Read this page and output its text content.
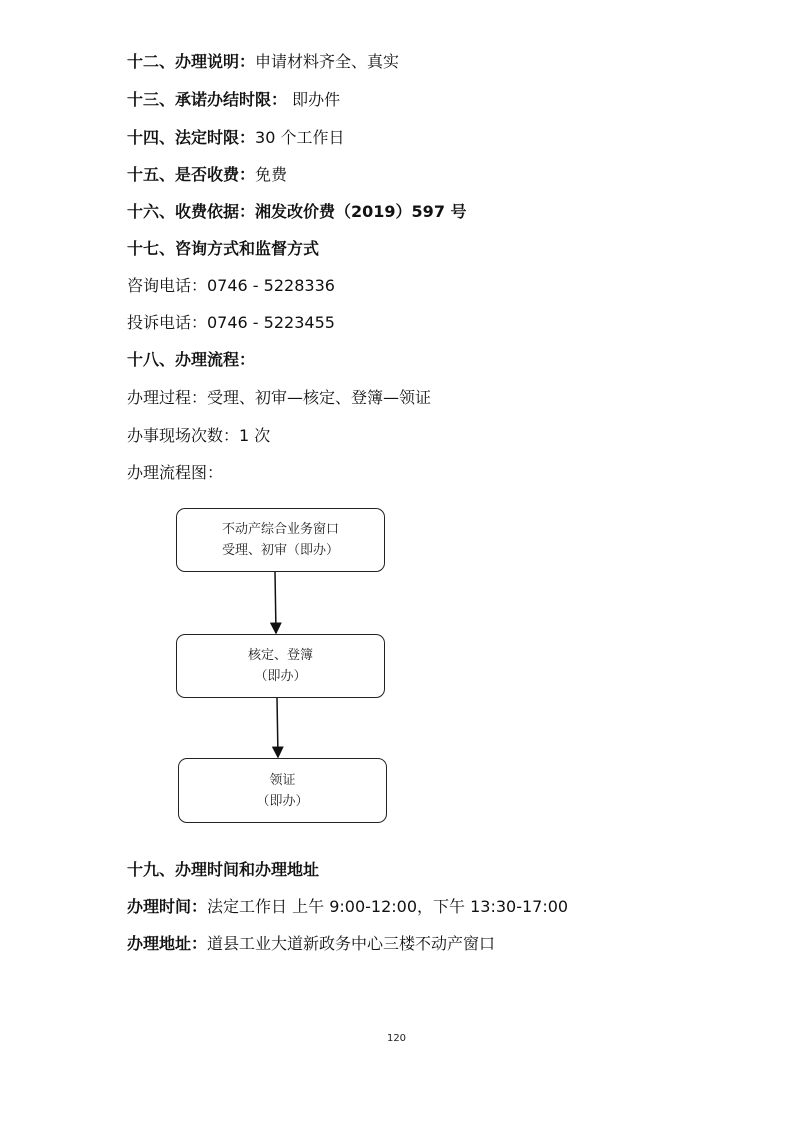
十二、办理说明：申请材料齐全、真实
十三、承诺办结时限： 即办件
十四、法定时限：30 个工作日
十五、是否收费：免费
十六、收费依据：湘发改价费（2019）597 号
十七、咨询方式和监督方式
咨询电话：0746 - 5228336
投诉电话：0746 - 5223455
十八、办理流程：
办理过程：受理、初审—核定、登簿—领证
办事现场次数：1 次
办理流程图：
不动产综合业务窗口
受理、初审（即办）
核定、登簿
（即办）
领证
（即办）
十九、办理时间和办理地址
办理时间：法定工作日 上午 9:00-12:00，下午 13:30-17:00
办理地址：道县工业大道新政务中心三楼不动产窗口
120
